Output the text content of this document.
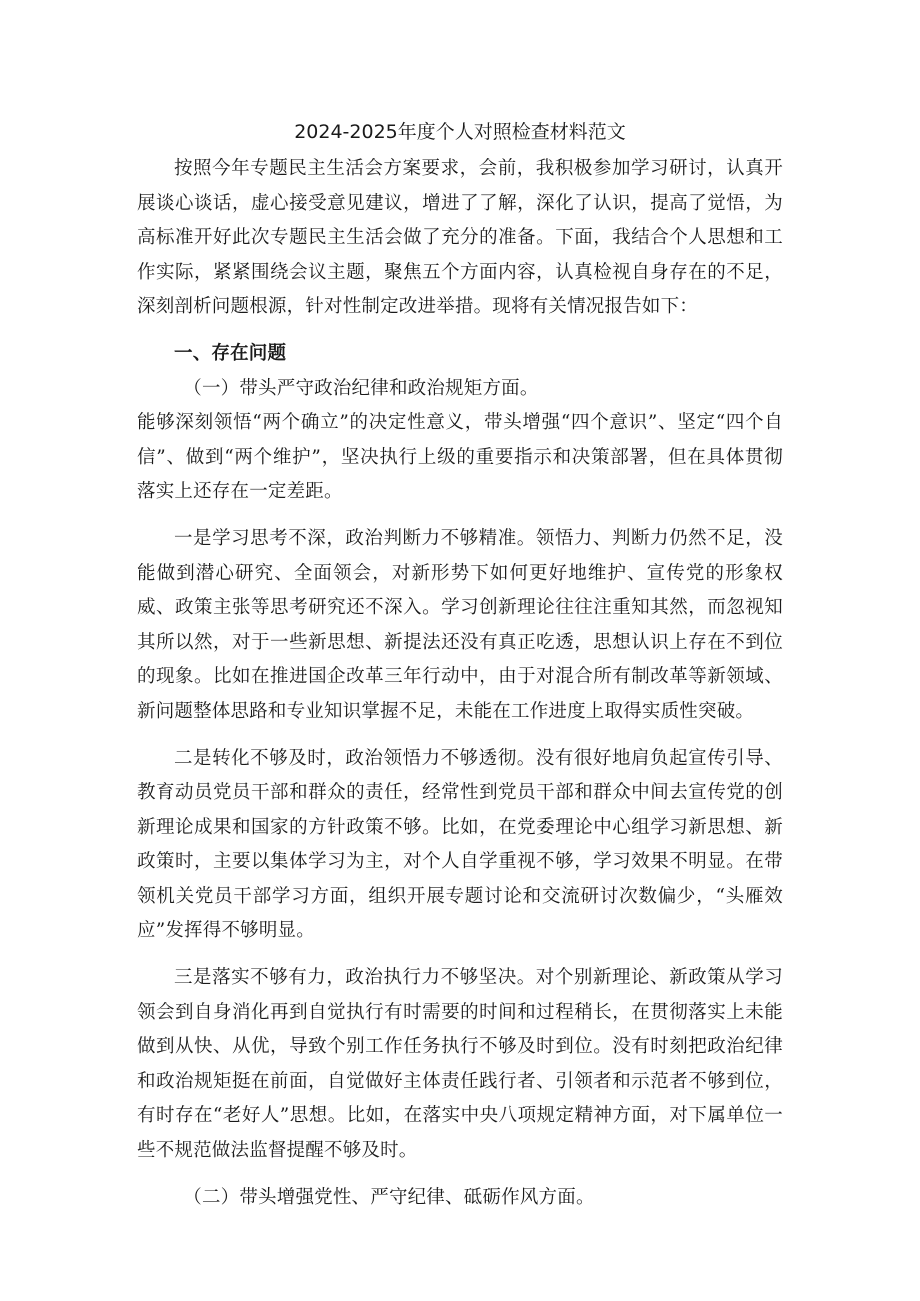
2024-2025年度个人对照检查材料范文

按照今年专题民主生活会方案要求，会前，我积极参加学习研讨，认真开展谈心谈话，虚心接受意见建议，增进了了解，深化了认识，提高了觉悟，为高标准开好此次专题民主生活会做了充分的准备。下面，我结合个人思想和工作实际，紧紧围绕会议主题，聚焦五个方面内容，认真检视自身存在的不足，深刻剖析问题根源，针对性制定改进举措。现将有关情况报告如下：

一、存在问题

（一）带头严守政治纪律和政治规矩方面。

能够深刻领悟“两个确立”的决定性意义，带头增强“四个意识”、坚定“四个自信”、做到“两个维护”，坚决执行上级的重要指示和决策部署，但在具体贯彻落实上还存在一定差距。

一是学习思考不深，政治判断力不够精准。领悟力、判断力仍然不足，没能做到潜心研究、全面领会，对新形势下如何更好地维护、宣传党的形象权威、政策主张等思考研究还不深入。学习创新理论往往注重知其然，而忽视知其所以然，对于一些新思想、新提法还没有真正吃透，思想认识上存在不到位的现象。比如在推进国企改革三年行动中，由于对混合所有制改革等新领域、新问题整体思路和专业知识掌握不足，未能在工作进度上取得实质性突破。

二是转化不够及时，政治领悟力不够透彻。没有很好地肩负起宣传引导、教育动员党员干部和群众的责任，经常性到党员干部和群众中间去宣传党的创新理论成果和国家的方针政策不够。比如，在党委理论中心组学习新思想、新政策时，主要以集体学习为主，对个人自学重视不够，学习效果不明显。在带领机关党员干部学习方面，组织开展专题讨论和交流研讨次数偏少，“头雁效应”发挥得不够明显。

三是落实不够有力，政治执行力不够坚决。对个别新理论、新政策从学习领会到自身消化再到自觉执行有时需要的时间和过程稍长，在贯彻落实上未能做到从快、从优，导致个别工作任务执行不够及时到位。没有时刻把政治纪律和政治规矩挺在前面，自觉做好主体责任践行者、引领者和示范者不够到位，有时存在“老好人”思想。比如，在落实中央八项规定精神方面，对下属单位一些不规范做法监督提醒不够及时。

（二）带头增强党性、严守纪律、砥砺作风方面。
